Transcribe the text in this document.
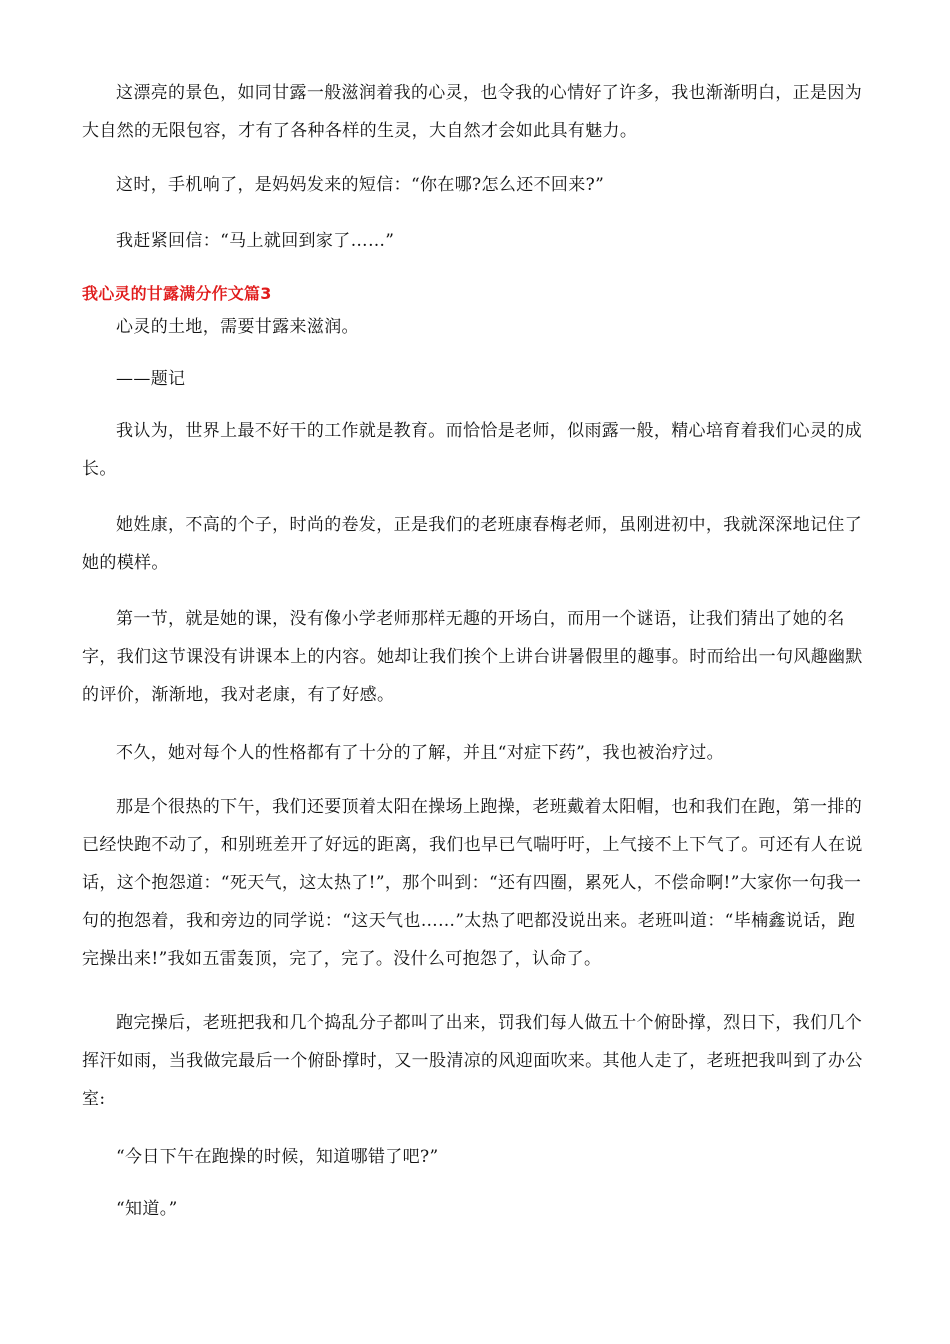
这漂亮的景色，如同甘露一般滋润着我的心灵，也令我的心情好了许多，我也渐渐明白，正是因为大自然的无限包容，才有了各种各样的生灵，大自然才会如此具有魅力。

这时，手机响了，是妈妈发来的短信：“你在哪?怎么还不回来?”

我赶紧回信：“马上就回到家了……”

我心灵的甘露满分作文篇3

心灵的土地，需要甘露来滋润。

——题记

我认为，世界上最不好干的工作就是教育。而恰恰是老师，似雨露一般，精心培育着我们心灵的成长。

她姓康，不高的个子，时尚的卷发，正是我们的老班康春梅老师，虽刚进初中，我就深深地记住了她的模样。

第一节，就是她的课，没有像小学老师那样无趣的开场白，而用一个谜语，让我们猜出了她的名字，我们这节课没有讲课本上的内容。她却让我们挨个上讲台讲暑假里的趣事。时而给出一句风趣幽默的评价，渐渐地，我对老康，有了好感。

不久，她对每个人的性格都有了十分的了解，并且“对症下药”，我也被治疗过。

那是个很热的下午，我们还要顶着太阳在操场上跑操，老班戴着太阳帽，也和我们在跑，第一排的已经快跑不动了，和别班差开了好远的距离，我们也早已气喘吁吁，上气接不上下气了。可还有人在说话，这个抱怨道：“死天气，这太热了!”，那个叫到：“还有四圈，累死人，不偿命啊!”大家你一句我一句的抱怨着，我和旁边的同学说：“这天气也……”太热了吧都没说出来。老班叫道：“毕楠鑫说话，跑完操出来!”我如五雷轰顶，完了，完了。没什么可抱怨了，认命了。

跑完操后，老班把我和几个捣乱分子都叫了出来，罚我们每人做五十个俯卧撑，烈日下，我们几个挥汗如雨，当我做完最后一个俯卧撑时，又一股清凉的风迎面吹来。其他人走了，老班把我叫到了办公室:

“今日下午在跑操的时候，知道哪错了吧?”

“知道。”
